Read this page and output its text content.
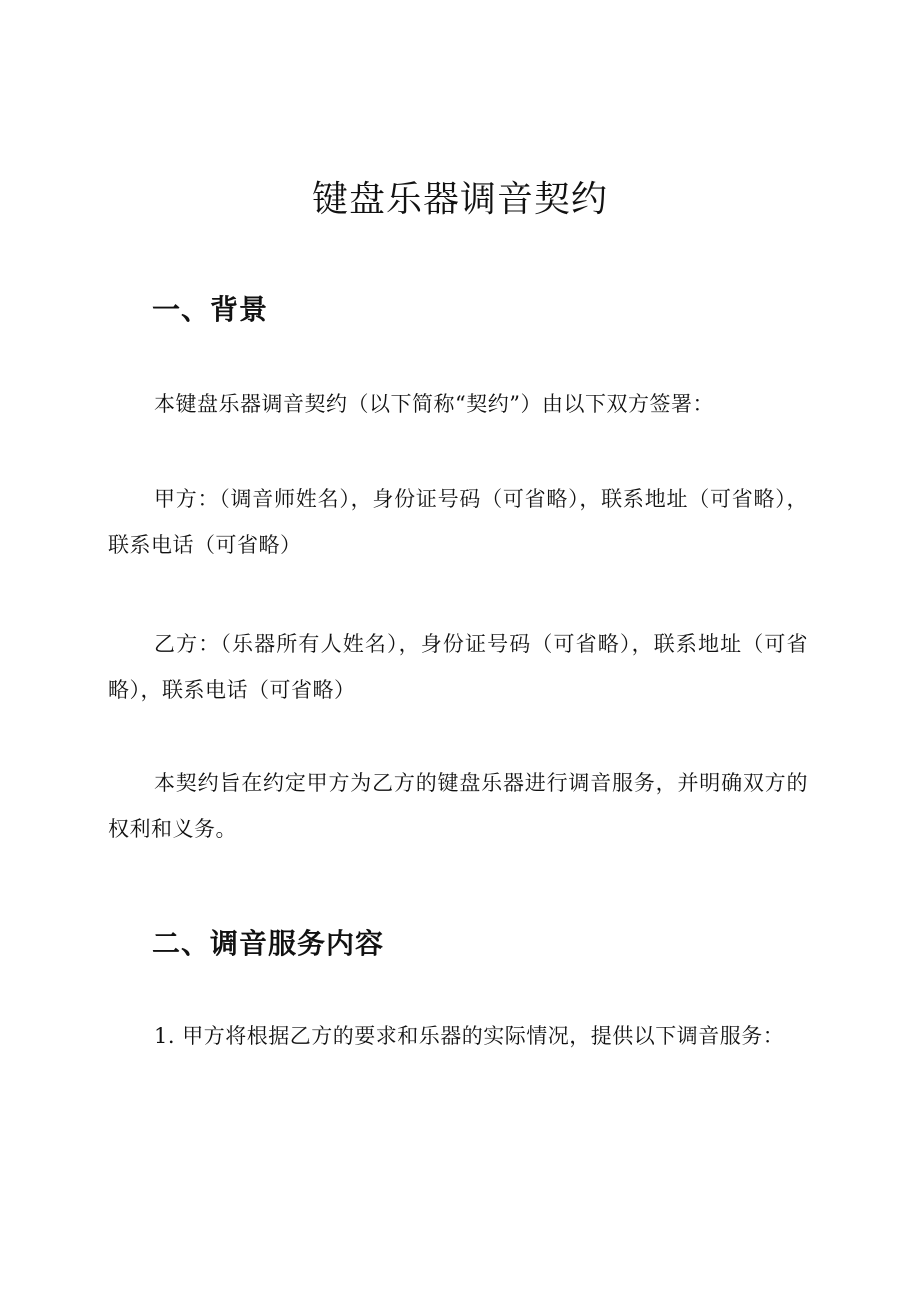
键盘乐器调音契约
一、背景

本键盘乐器调音契约（以下简称“契约”）由以下双方签署：

甲方：（调音师姓名），身份证号码（可省略），联系地址（可省略），联系电话（可省略）

乙方：（乐器所有人姓名），身份证号码（可省略），联系地址（可省略），联系电话（可省略）

本契约旨在约定甲方为乙方的键盘乐器进行调音服务，并明确双方的权利和义务。

二、调音服务内容

1. 甲方将根据乙方的要求和乐器的实际情况，提供以下调音服务：
